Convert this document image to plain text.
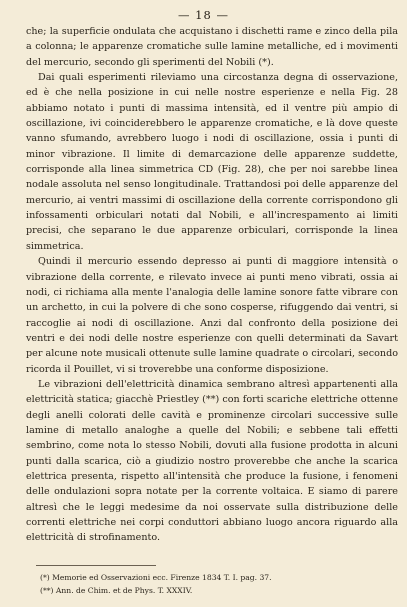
— 18 —

che; la superficie ondulata che acquistano i dischetti rame e zinco della pila a colonna; le apparenze cromatiche sulle lamine metalliche, ed i movimenti del mercurio, secondo gli sperimenti del Nobili (*).

Dai quali esperimenti rileviamo una circostanza degna di osservazione, ed è che nella posizione in cui nelle nostre esperienze e nella Fig. 28 abbiamo notato i punti di massima intensità, ed il ventre più ampio di oscillazione, ivi coinciderebbero le apparenze cromatiche, e là dove queste vanno sfumando, avrebbero luogo i nodi di oscillazione, ossia i punti di minor vibrazione. Il limite di demarcazione delle apparenze suddette, corrisponde alla linea simmetrica CD (Fig. 28), che per noi sarebbe linea nodale assoluta nel senso longitudinale. Trattandosi poi delle apparenze del mercurio, ai ventri massimi di oscillazione della corrente corrispondono gli infossamenti orbiculari notati dal Nobili, e all'increspamento ai limiti precisi, che separano le due apparenze orbiculari, corrisponde la linea simmetrica.

Quindi il mercurio essendo depresso ai punti di maggiore intensità o vibrazione della corrente, e rilevato invece ai punti meno vibrati, ossia ai nodi, ci richiama alla mente l'analogia delle lamine sonore fatte vibrare con un archetto, in cui la polvere di che sono cosperse, rifuggendo dai ventri, si raccoglie ai nodi di oscillazione. Anzi dal confronto della posizione dei ventri e dei nodi delle nostre esperienze con quelli determinati da Savart per alcune note musicali ottenute sulle lamine quadrate o circolari, secondo ricorda il Pouillet, vi si troverebbe una conforme disposizione.

Le vibrazioni dell'elettricità dinamica sembrano altresì appartenenti alla elettricità statica; giacchè Priestley (**) con forti scariche elettriche ottenne degli anelli colorati delle cavità e prominenze circolari successive sulle lamine di metallo analoghe a quelle del Nobili; e sebbene tali effetti sembrino, come nota lo stesso Nobili, dovuti alla fusione prodotta in alcuni punti dalla scarica, ciò a giudizio nostro proverebbe che anche la scarica elettrica presenta, rispetto all'intensità che produce la fusione, i fenomeni delle ondulazioni sopra notate per la corrente voltaica. E siamo di parere altresì che le leggi medesime da noi osservate sulla distribuzione delle correnti elettriche nei corpi conduttori abbiano luogo ancora riguardo alla elettricità di strofinamento.

(*) Memorie ed Osservazioni ecc. Firenze 1834 T. I. pag. 37.
(**) Ann. de Chim. et de Phys. T. XXXIV.
